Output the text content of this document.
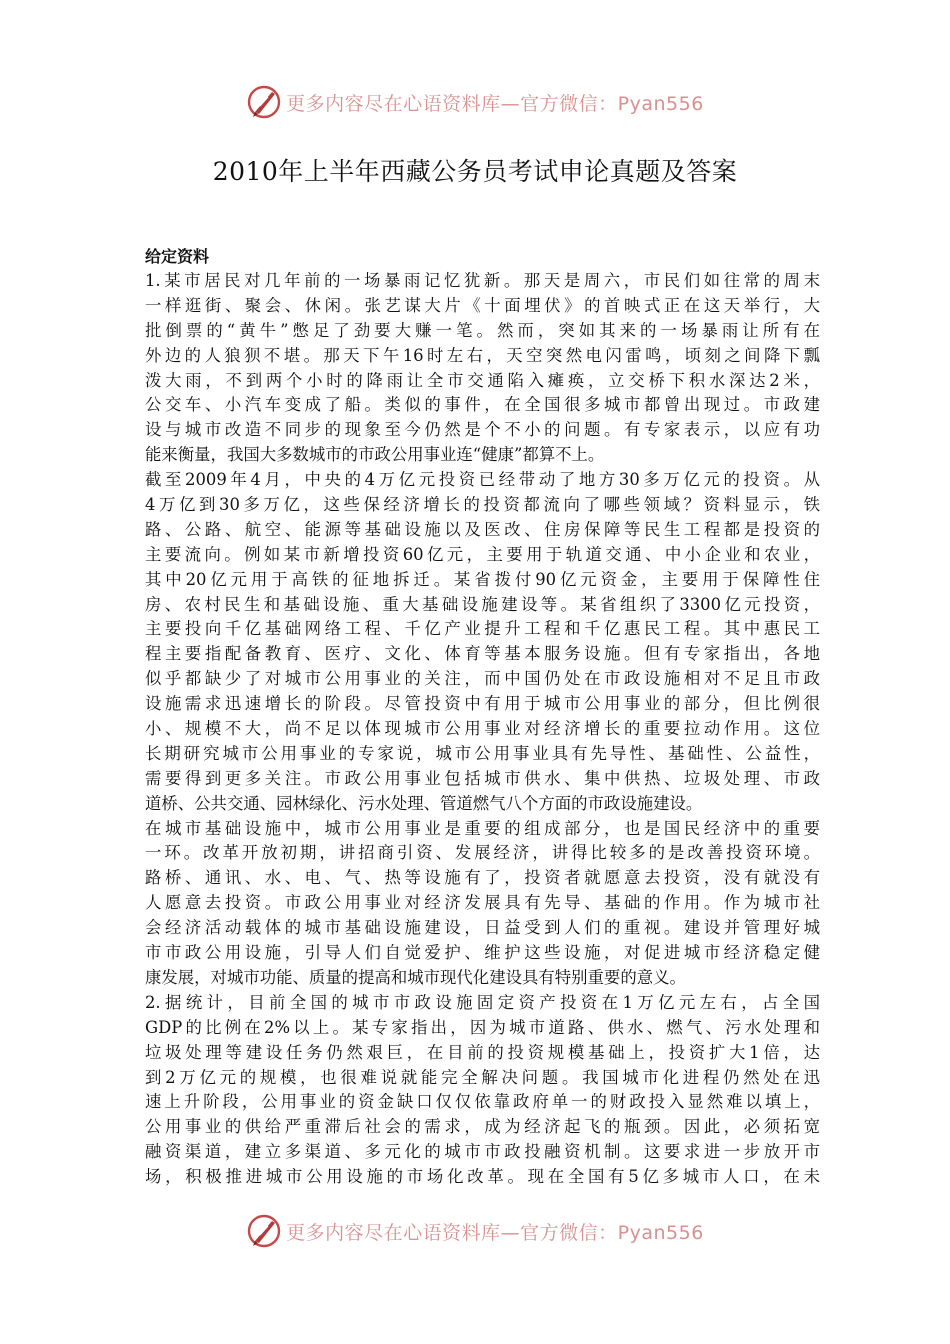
更多内容尽在心语资料库—官方微信：Pyan556
2010年上半年西藏公务员考试申论真题及答案
给定资料
1.某市居民对几年前的一场暴雨记忆犹新。那天是周六，市民们如往常的周末
一样逛街、聚会、休闲。张艺谋大片《十面埋伏》的首映式正在这天举行，大
批倒票的“黄牛”憋足了劲要大赚一笔。然而，突如其来的一场暴雨让所有在
外边的人狼狈不堪。那天下午16时左右，天空突然电闪雷鸣，顷刻之间降下瓢
泼大雨，不到两个小时的降雨让全市交通陷入瘫痪，立交桥下积水深达2米，
公交车、小汽车变成了船。类似的事件，在全国很多城市都曾出现过。市政建
设与城市改造不同步的现象至今仍然是个不小的问题。有专家表示，以应有功
能来衡量，我国大多数城市的市政公用事业连“健康”都算不上。
截至2009年4月，中央的4万亿元投资已经带动了地方30多万亿元的投资。从
4万亿到30多万亿，这些保经济增长的投资都流向了哪些领域？资料显示，铁
路、公路、航空、能源等基础设施以及医改、住房保障等民生工程都是投资的
主要流向。例如某市新增投资60亿元，主要用于轨道交通、中小企业和农业，
其中20亿元用于高铁的征地拆迁。某省拨付90亿元资金，主要用于保障性住
房、农村民生和基础设施、重大基础设施建设等。某省组织了3300亿元投资，
主要投向千亿基础网络工程、千亿产业提升工程和千亿惠民工程。其中惠民工
程主要指配备教育、医疗、文化、体育等基本服务设施。但有专家指出，各地
似乎都缺少了对城市公用事业的关注，而中国仍处在市政设施相对不足且市政
设施需求迅速增长的阶段。尽管投资中有用于城市公用事业的部分，但比例很
小、规模不大，尚不足以体现城市公用事业对经济增长的重要拉动作用。这位
长期研究城市公用事业的专家说，城市公用事业具有先导性、基础性、公益性，
需要得到更多关注。市政公用事业包括城市供水、集中供热、垃圾处理、市政
道桥、公共交通、园林绿化、污水处理、管道燃气八个方面的市政设施建设。
在城市基础设施中，城市公用事业是重要的组成部分，也是国民经济中的重要
一环。改革开放初期，讲招商引资、发展经济，讲得比较多的是改善投资环境。
路桥、通讯、水、电、气、热等设施有了，投资者就愿意去投资，没有就没有
人愿意去投资。市政公用事业对经济发展具有先导、基础的作用。作为城市社
会经济活动载体的城市基础设施建设，日益受到人们的重视。建设并管理好城
市市政公用设施，引导人们自觉爱护、维护这些设施，对促进城市经济稳定健
康发展，对城市功能、质量的提高和城市现代化建设具有特别重要的意义。
2.据统计，目前全国的城市市政设施固定资产投资在1万亿元左右，占全国
GDP的比例在2%以上。某专家指出，因为城市道路、供水、燃气、污水处理和
垃圾处理等建设任务仍然艰巨，在目前的投资规模基础上，投资扩大1倍，达
到2万亿元的规模，也很难说就能完全解决问题。我国城市化进程仍然处在迅
速上升阶段，公用事业的资金缺口仅仅依靠政府单一的财政投入显然难以填上，
公用事业的供给严重滞后社会的需求，成为经济起飞的瓶颈。因此，必须拓宽
融资渠道，建立多渠道、多元化的城市市政投融资机制。这要求进一步放开市
场，积极推进城市公用设施的市场化改革。现在全国有5亿多城市人口，在未
更多内容尽在心语资料库—官方微信：Pyan556
